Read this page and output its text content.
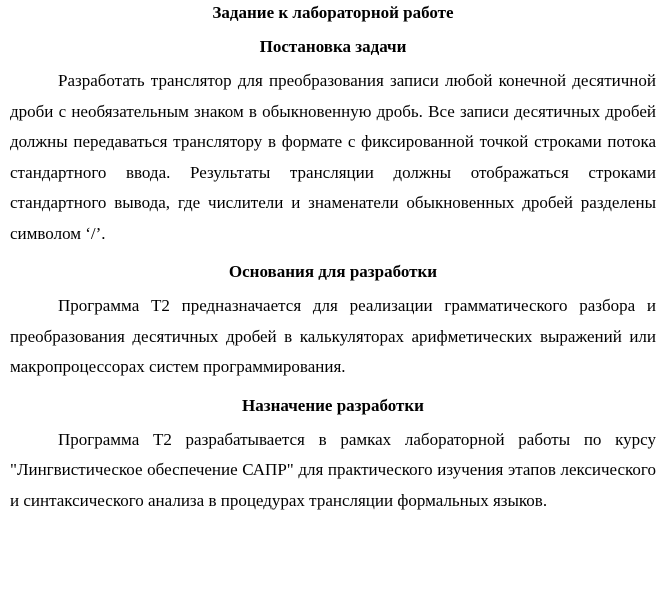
Задание к лабораторной работе
Постановка задачи

Разработать транслятор для преобразования записи любой конечной десятичной дроби с необязательным знаком в обыкновенную дробь. Все записи десятичных дробей должны передаваться транслятору в формате с фиксированной точкой строками потока стандартного ввода. Результаты трансляции должны отображаться строками стандартного вывода, где числители и знаменатели обыкновенных дробей разделены символом ‘/’.

Основания для разработки

Программа Т2 предназначается для реализации грамматического разбора и преобразования десятичных дробей в калькуляторах арифметических выражений или макропроцессорах систем программирования.

Назначение разработки

Программа Т2 разрабатывается в рамках лабораторной работы по курсу "Лингвистическое обеспечение САПР" для практического изучения этапов лексического и синтаксического анализа в процедурах трансляции формальных языков.
